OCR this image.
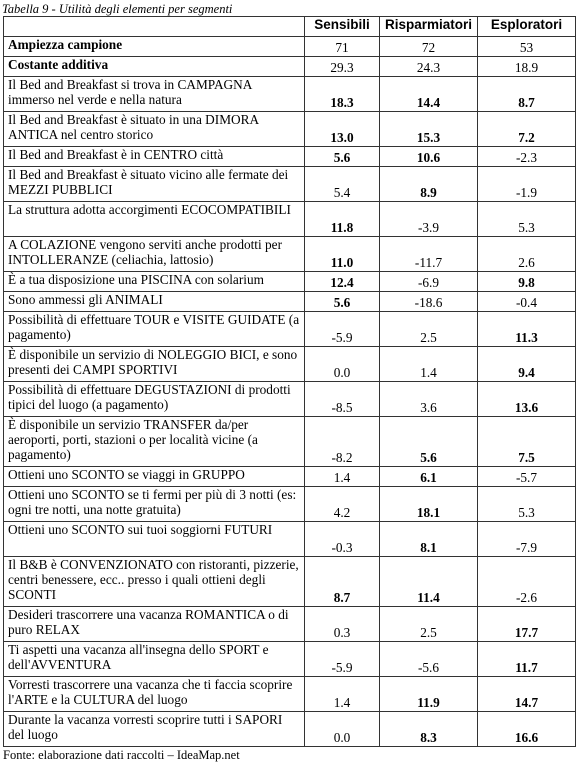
Tabella 9 - Utilità degli elementi per segmenti
	Sensibili	Risparmiatori	Esploratori
Ampiezza campione	71	72	53
Costante additiva	29.3	24.3	18.9
Il Bed and Breakfast si trova in CAMPAGNA immerso nel verde e nella natura	18.3	14.4	8.7
Il Bed and Breakfast è situato in una DIMORA ANTICA nel centro storico	13.0	15.3	7.2
Il Bed and Breakfast è in CENTRO città	5.6	10.6	-2.3
Il Bed and Breakfast è situato vicino alle fermate dei MEZZI PUBBLICI	5.4	8.9	-1.9
La struttura adotta accorgimenti ECOCOMPATIBILI	11.8	-3.9	5.3
A COLAZIONE vengono serviti anche prodotti per INTOLLERANZE (celiachia, lattosio)	11.0	-11.7	2.6
È a tua disposizione una PISCINA con solarium	12.4	-6.9	9.8
Sono ammessi gli ANIMALI	5.6	-18.6	-0.4
Possibilità di effettuare TOUR e VISITE GUIDATE (a pagamento)	-5.9	2.5	11.3
È disponibile un servizio di NOLEGGIO BICI, e sono presenti dei CAMPI SPORTIVI	0.0	1.4	9.4
Possibilità di effettuare DEGUSTAZIONI di prodotti tipici del luogo (a pagamento)	-8.5	3.6	13.6
È disponibile un servizio TRANSFER da/per aeroporti, porti, stazioni o per località vicine (a pagamento)	-8.2	5.6	7.5
Ottieni uno SCONTO se viaggi in GRUPPO	1.4	6.1	-5.7
Ottieni uno SCONTO se ti fermi per più di 3 notti (es: ogni tre notti, una notte gratuita)	4.2	18.1	5.3
Ottieni uno SCONTO sui tuoi soggiorni FUTURI	-0.3	8.1	-7.9
Il B&B è CONVENZIONATO con ristoranti, pizzerie, centri benessere, ecc.. presso i quali ottieni degli SCONTI	8.7	11.4	-2.6
Desideri trascorrere una vacanza ROMANTICA o di puro RELAX	0.3	2.5	17.7
Ti aspetti una vacanza all'insegna dello SPORT e dell'AVVENTURA	-5.9	-5.6	11.7
Vorresti trascorrere una vacanza che ti faccia scoprire l'ARTE e la CULTURA del luogo	1.4	11.9	14.7
Durante la vacanza vorresti scoprire tutti i SAPORI del luogo	0.0	8.3	16.6
Fonte: elaborazione dati raccolti – IdeaMap.net
